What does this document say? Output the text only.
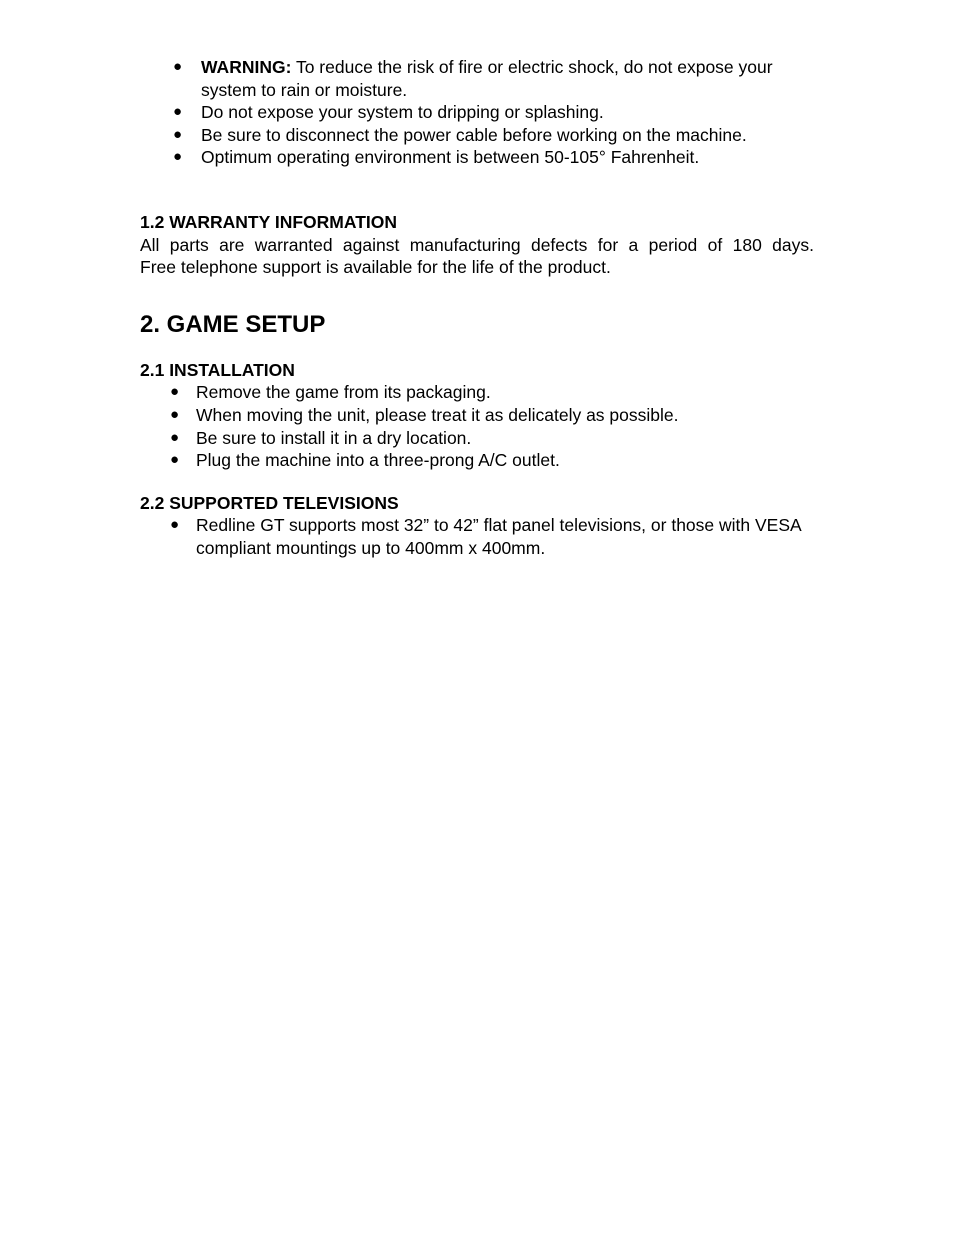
● WARNING: To reduce the risk of fire or electric shock, do not expose your system to rain or moisture.
● Do not expose your system to dripping or splashing.
● Be sure to disconnect the power cable before working on the machine.
● Optimum operating environment is between 50-105° Fahrenheit.
1.2 WARRANTY INFORMATION

All parts are warranted against manufacturing defects for a period of 180 days.
Free telephone support is available for the life of the product.

2. GAME SETUP
2.1 INSTALLATION
● Remove the game from its packaging.
● When moving the unit, please treat it as delicately as possible.
● Be sure to install it in a dry location.
● Plug the machine into a three-prong A/C outlet.
2.2 SUPPORTED TELEVISIONS
● Redline GT supports most 32” to 42” flat panel televisions, or those with VESA compliant mountings up to 400mm x 400mm.
